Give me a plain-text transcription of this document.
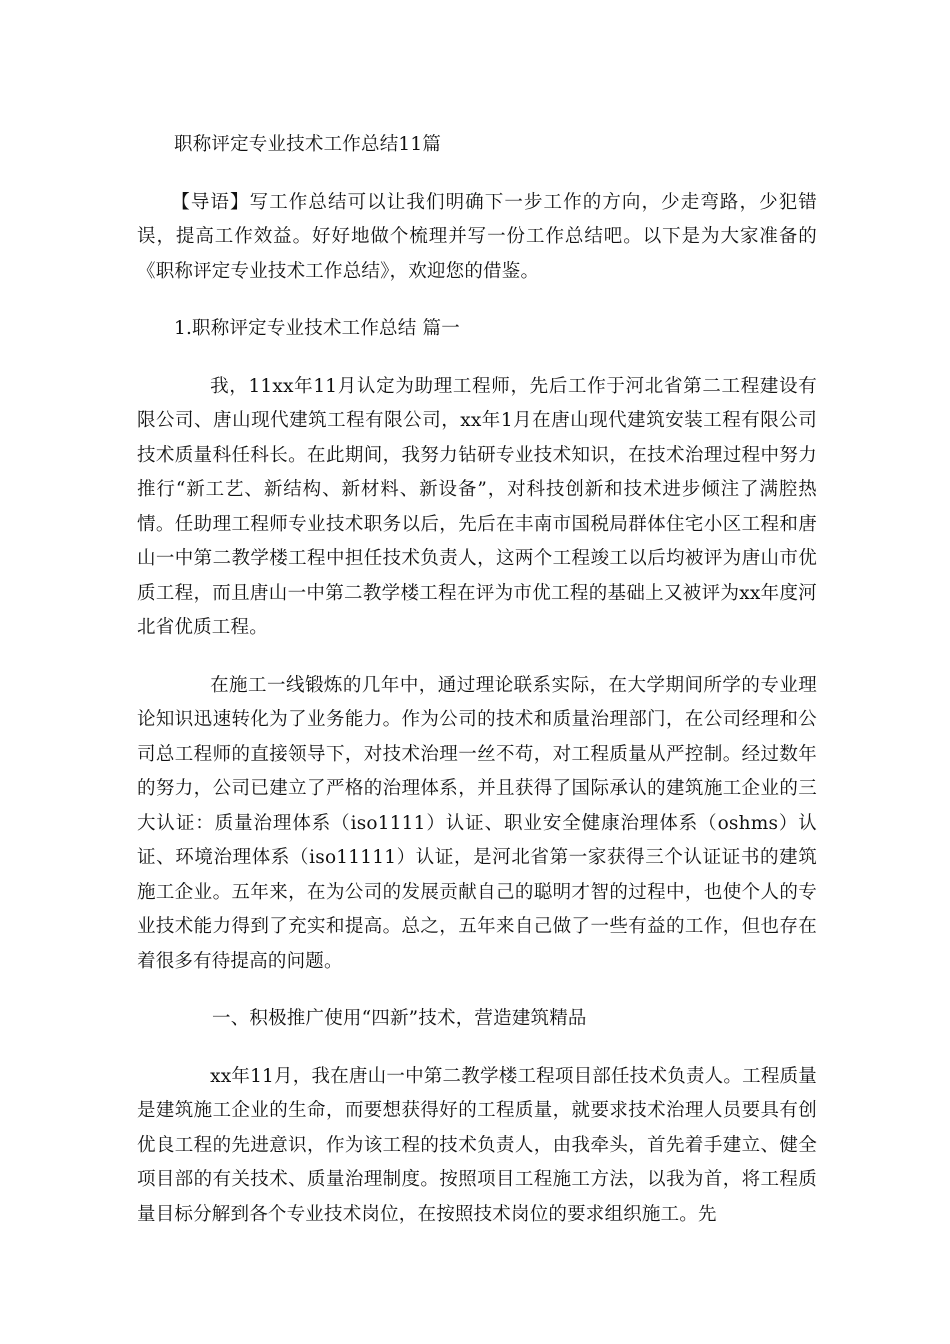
职称评定专业技术工作总结11篇

【导语】写工作总结可以让我们明确下一步工作的方向，少走弯路，少犯错误，提高工作效益。好好地做个梳理并写一份工作总结吧。以下是为大家准备的《职称评定专业技术工作总结》，欢迎您的借鉴。

1.职称评定专业技术工作总结 篇一

我，11xx年11月认定为助理工程师，先后工作于河北省第二工程建设有限公司、唐山现代建筑工程有限公司，xx年1月在唐山现代建筑安装工程有限公司技术质量科任科长。在此期间，我努力钻研专业技术知识，在技术治理过程中努力推行“新工艺、新结构、新材料、新设备”，对科技创新和技术进步倾注了满腔热情。任助理工程师专业技术职务以后，先后在丰南市国税局群体住宅小区工程和唐山一中第二教学楼工程中担任技术负责人，这两个工程竣工以后均被评为唐山市优质工程，而且唐山一中第二教学楼工程在评为市优工程的基础上又被评为xx年度河北省优质工程。

在施工一线锻炼的几年中，通过理论联系实际，在大学期间所学的专业理论知识迅速转化为了业务能力。作为公司的技术和质量治理部门，在公司经理和公司总工程师的直接领导下，对技术治理一丝不苟，对工程质量从严控制。经过数年的努力，公司已建立了严格的治理体系，并且获得了国际承认的建筑施工企业的三大认证：质量治理体系（iso1111）认证、职业安全健康治理体系（oshms）认证、环境治理体系（iso11111）认证，是河北省第一家获得三个认证证书的建筑施工企业。五年来，在为公司的发展贡献自己的聪明才智的过程中，也使个人的专业技术能力得到了充实和提高。总之，五年来自己做了一些有益的工作，但也存在着很多有待提高的问题。

一、积极推广使用“四新”技术，营造建筑精品

xx年11月，我在唐山一中第二教学楼工程项目部任技术负责人。工程质量是建筑施工企业的生命，而要想获得好的工程质量，就要求技术治理人员要具有创优良工程的先进意识，作为该工程的技术负责人，由我牵头，首先着手建立、健全项目部的有关技术、质量治理制度。按照项目工程施工方法，以我为首，将工程质量目标分解到各个专业技术岗位，在按照技术岗位的要求组织施工。先
